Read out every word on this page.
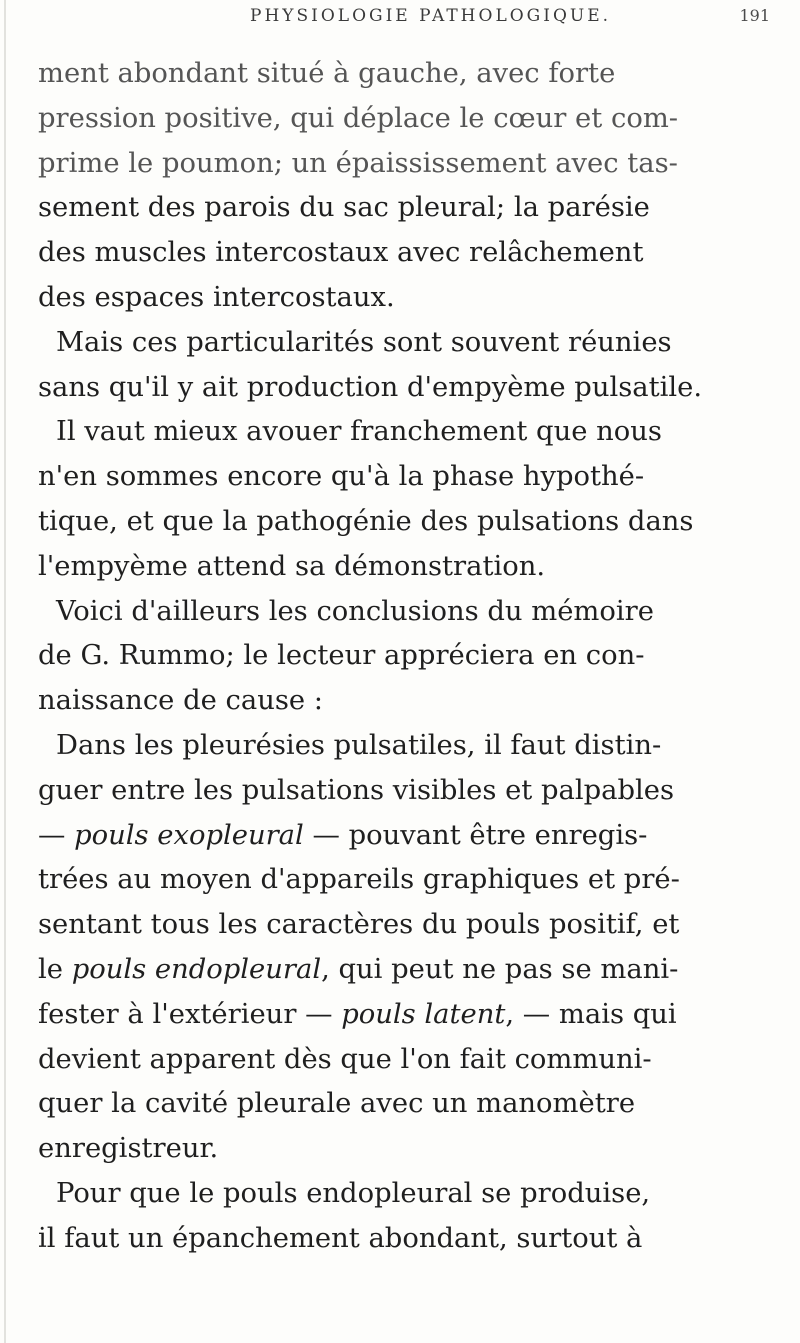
PHYSIOLOGIE PATHOLOGIQUE.	191
ment abondant situé à gauche, avec forte
pression positive, qui déplace le cœur et com-
prime le poumon; un épaississement avec tas-
sement des parois du sac pleural; la parésie
des muscles intercostaux avec relâchement
des espaces intercostaux.
Mais ces particularités sont souvent réunies
sans qu'il y ait production d'empyème pulsatile.
Il vaut mieux avouer franchement que nous
n'en sommes encore qu'à la phase hypothé-
tique, et que la pathogénie des pulsations dans
l'empyème attend sa démonstration.
Voici d'ailleurs les conclusions du mémoire
de G. Rummo; le lecteur appréciera en con-
naissance de cause :
Dans les pleurésies pulsatiles, il faut distin-
guer entre les pulsations visibles et palpables
— pouls exopleural — pouvant être enregis-
trées au moyen d'appareils graphiques et pré-
sentant tous les caractères du pouls positif, et
le pouls endopleural, qui peut ne pas se mani-
fester à l'extérieur — pouls latent, — mais qui
devient apparent dès que l'on fait communi-
quer la cavité pleurale avec un manomètre
enregistreur.
Pour que le pouls endopleural se produise,
il faut un épanchement abondant, surtout à
